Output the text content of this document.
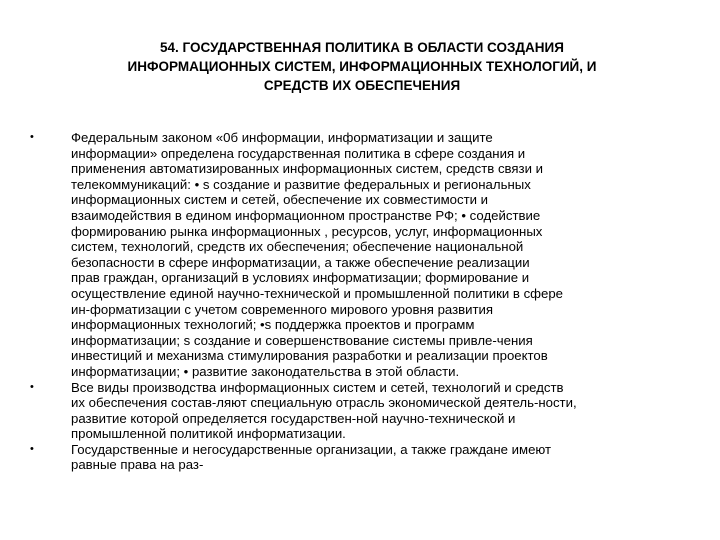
54. ГОСУДАРСТВЕННАЯ ПОЛИТИКА В ОБЛАСТИ СОЗДАНИЯ
ИНФОРМАЦИОННЫХ СИСТЕМ, ИНФОРМАЦИОННЫХ ТЕХНОЛОГИЙ, И
СРЕДСТВ ИХ ОБЕСПЕЧЕНИЯ
•	Федеральным законом «0б информации, информатизации и защите
информации» определена государственная политика в сфере создания и
применения автоматизированных информационных систем, средств связи и
телекоммуникаций: • s создание и развитие федеральных и региональных
информационных систем и сетей, обеспечение их совместимости и
взаимодействия в едином информационном пространстве РФ; • содействие
формированию рынка информационных , ресурсов, услуг, информационных
систем, технологий, средств их обеспечения; обеспечение национальной
безопасности в сфере информатизации, а также обеспечение реализации
прав граждан, организаций в условиях информатизации; формирование и
осуществление единой научно-технической и промышленной политики в сфере
ин-форматизации с учетом современного мирового уровня развития
информационных технологий; •s поддержка проектов и программ
информатизации; s создание и совершенствование системы привле-чения
инвестиций и механизма стимулирования разработки и реализации проектов
информатизации; • развитие законодательства в этой области.
•	Все виды производства информационных систем и сетей, технологий и средств
их обеспечения состав-ляют специальную отрасль экономической деятель-ности,
развитие которой определяется государствен-ной научно-технической и
промышленной политикой информатизации.
•	Государственные и негосударственные организации, а также граждане имеют
равные права на раз-
